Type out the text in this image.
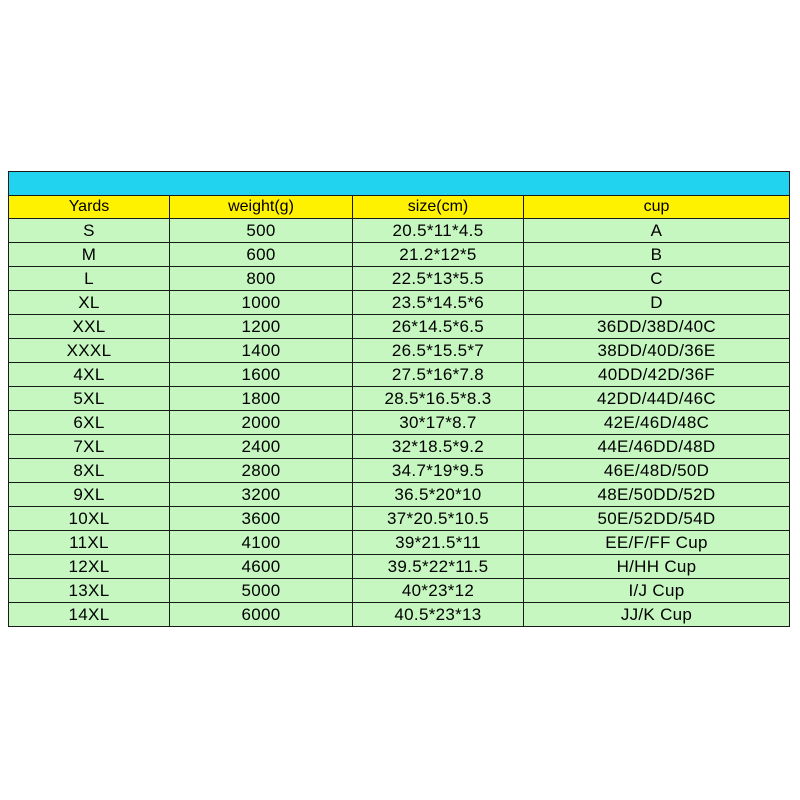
Yards	weight(g)	size(cm)	cup
S	500	20.5*11*4.5	A
M	600	21.2*12*5	B
L	800	22.5*13*5.5	C
XL	1000	23.5*14.5*6	D
XXL	1200	26*14.5*6.5	36DD/38D/40C
XXXL	1400	26.5*15.5*7	38DD/40D/36E
4XL	1600	27.5*16*7.8	40DD/42D/36F
5XL	1800	28.5*16.5*8.3	42DD/44D/46C
6XL	2000	30*17*8.7	42E/46D/48C
7XL	2400	32*18.5*9.2	44E/46DD/48D
8XL	2800	34.7*19*9.5	46E/48D/50D
9XL	3200	36.5*20*10	48E/50DD/52D
10XL	3600	37*20.5*10.5	50E/52DD/54D
11XL	4100	39*21.5*11	EE/F/FF Cup
12XL	4600	39.5*22*11.5	H/HH Cup
13XL	5000	40*23*12	I/J Cup
14XL	6000	40.5*23*13	JJ/K Cup
